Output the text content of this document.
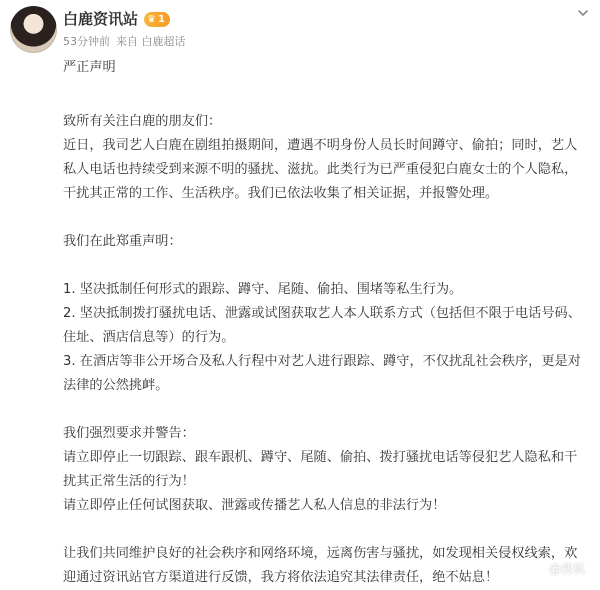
白鹿资讯站 ♛ 1
53分钟前 来自 白鹿超话

严正声明

致所有关注白鹿的朋友们：

近日，我司艺人白鹿在剧组拍摄期间，遭遇不明身份人员长时间蹲守、偷拍；同时，艺人私人电话也持续受到来源不明的骚扰、滋扰。此类行为已严重侵犯白鹿女士的个人隐私，干扰其正常的工作、生活秩序。我们已依法收集了相关证据，并报警处理。

我们在此郑重声明：

1. 坚决抵制任何形式的跟踪、蹲守、尾随、偷拍、围堵等私生行为。

2. 坚决抵制拨打骚扰电话、泄露或试图获取艺人本人联系方式（包括但不限于电话号码、住址、酒店信息等）的行为。

3. 在酒店等非公开场合及私人行程中对艺人进行跟踪、蹲守，不仅扰乱社会秩序，更是对法律的公然挑衅。

我们强烈要求并警告：

请立即停止一切跟踪、跟车跟机、蹲守、尾随、偷拍、拨打骚扰电话等侵犯艺人隐私和干扰其正常生活的行为！

请立即停止任何试图获取、泄露或传播艺人私人信息的非法行为！

让我们共同维护良好的社会秩序和网络环境，远离伤害与骚扰，如发现相关侵权线索，欢迎通过资讯站官方渠道进行反馈，我方将依法追究其法律责任，绝不姑息！

@搜狐
